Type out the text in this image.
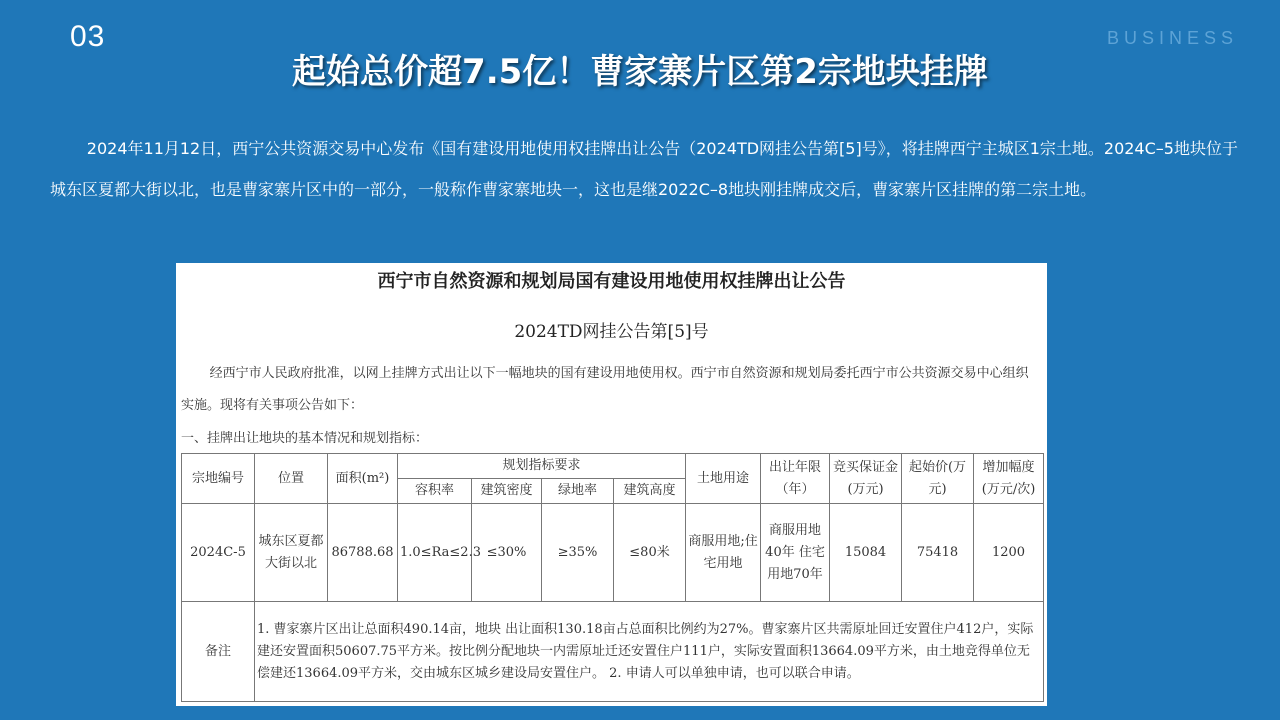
03	BUSINESS
起始总价超7.5亿！曹家寨片区第2宗地块挂牌

2024年11月12日，西宁公共资源交易中心发布《国有建设用地使用权挂牌出让公告（2024TD网挂公告第[5]号》，将挂牌西宁主城区1宗土地。2024C–5地块位于城东区夏都大街以北，也是曹家寨片区中的一部分，一般称作曹家寨地块一，这也是继2022C–8地块刚挂牌成交后，曹家寨片区挂牌的第二宗土地。

西宁市自然资源和规划局国有建设用地使用权挂牌出让公告
2024TD网挂公告第[5]号

经西宁市人民政府批准，以网上挂牌方式出让以下一幅地块的国有建设用地使用权。西宁市自然资源和规划局委托西宁市公共资源交易中心组织实施。现将有关事项公告如下：

一、挂牌出让地块的基本情况和规划指标：
宗地编号	位置	面积(m²)	规划指标要求				土地用途	出让年限（年）	竞买保证金(万元)	起始价(万元)	增加幅度(万元/次)
			容积率	建筑密度	绿地率	建筑高度					
2024C-5	城东区夏都大街以北	86788.68	1.0≤Ra≤2.3	≤30%	≥35%	≤80米	商服用地;住宅用地	商服用地40年 住宅用地70年	15084	75418	1200
备注	1. 曹家寨片区出让总面积490.14亩，地块 出让面积130.18亩占总面积比例约为27%。曹家寨片区共需原址回迁安置住户412户，实际建还安置面积50607.75平方米。按比例分配地块一内需原址迁还安置住户111户，实际安置面积13664.09平方米，由土地竞得单位无偿建还13664.09平方米，交由城东区城乡建设局安置住户。 2. 申请人可以单独申请，也可以联合申请。										
